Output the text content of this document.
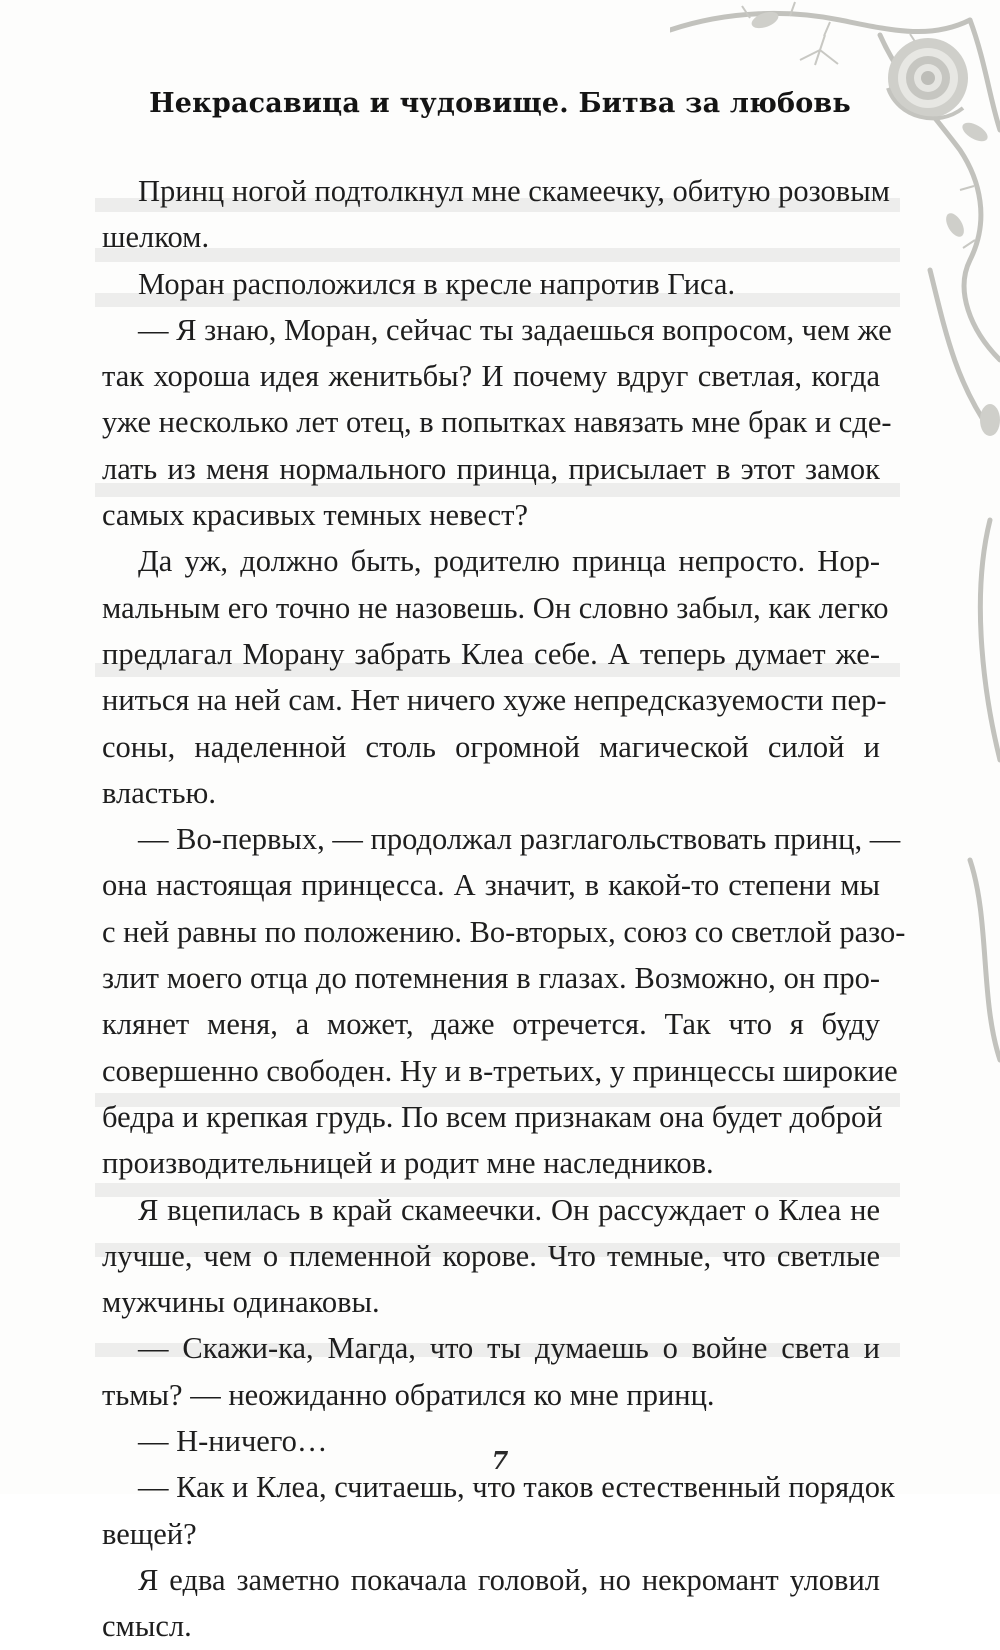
Некрасавица и чудовище. Битва за любовь
Принц ногой подтолкнул мне скамеечку, обитую розовым
шелком.
Моран расположился в кресле напротив Гиса.
— Я знаю, Моран, сейчас ты задаешься вопросом, чем же
так хороша идея женитьбы? И почему вдруг светлая, когда
уже несколько лет отец, в попытках навязать мне брак и сде-
лать из меня нормального принца, присылает в этот замок
самых красивых темных невест?
Да уж, должно быть, родителю принца непросто. Нор-
мальным его точно не назовешь. Он словно забыл, как легко
предлагал Морану забрать Клеа себе. А теперь думает же-
ниться на ней сам. Нет ничего хуже непредсказуемости пер-
соны, наделенной столь огромной магической силой и
властью.
— Во-первых, — продолжал разглагольствовать принц, —
она настоящая принцесса. А значит, в какой-то степени мы
с ней равны по положению. Во-вторых, союз со светлой разо-
злит моего отца до потемнения в глазах. Возможно, он про-
клянет меня, а может, даже отречется. Так что я буду
совершенно свободен. Ну и в-третьих, у принцессы широкие
бедра и крепкая грудь. По всем признакам она будет доброй
производительницей и родит мне наследников.
Я вцепилась в край скамеечки. Он рассуждает о Клеа не
лучше, чем о племенной корове. Что темные, что светлые
мужчины одинаковы.
— Скажи-ка, Магда, что ты думаешь о войне света и
тьмы? — неожиданно обратился ко мне принц.
— Н-ничего…
— Как и Клеа, считаешь, что таков естественный порядок
вещей?
Я едва заметно покачала головой, но некромант уловил
смысл.
7
